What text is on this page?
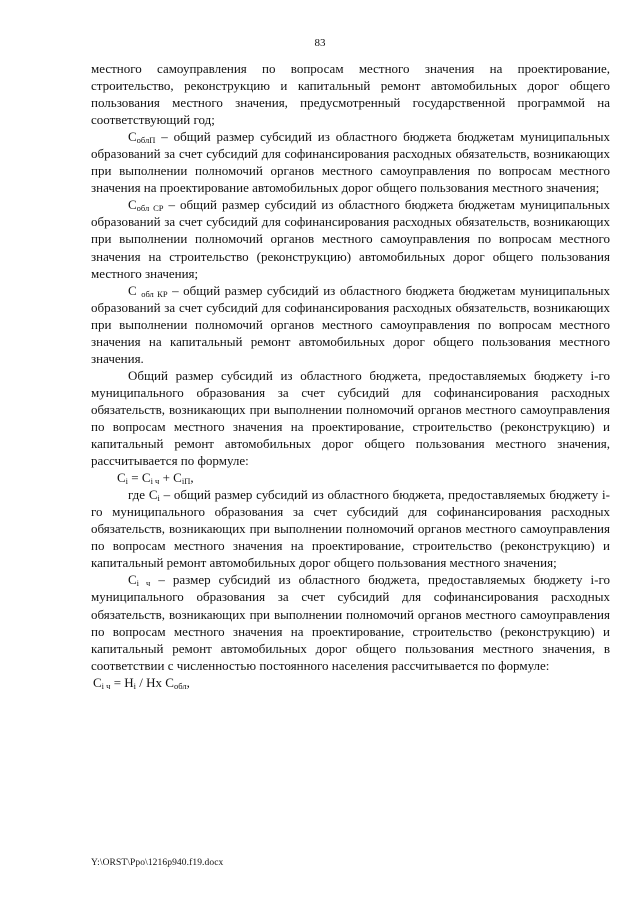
83

местного самоуправления по вопросам местного значения на проектирование, строительство, реконструкцию и капитальный ремонт автомобильных дорог общего пользования местного значения, предусмотренный государственной программой на соответствующий год;

$С_{облП}$ – общий размер субсидий из областного бюджета бюджетам муниципальных образований за счет субсидий для софинансирования расходных обязательств, возникающих при выполнении полномочий органов местного самоуправления по вопросам местного значения на проектирование автомобильных дорог общего пользования местного значения;

$С_{обл СР}$ – общий размер субсидий из областного бюджета бюджетам муниципальных образований за счет субсидий для софинансирования расходных обязательств, возникающих при выполнении полномочий органов местного самоуправления по вопросам местного значения на строительство (реконструкцию) автомобильных дорог общего пользования местного значения;

С $_{обл КР}$ – общий размер субсидий из областного бюджета бюджетам муниципальных образований за счет субсидий для софинансирования расходных обязательств, возникающих при выполнении полномочий органов местного самоуправления по вопросам местного значения на капитальный ремонт автомобильных дорог общего пользования местного значения.

Общий размер субсидий из областного бюджета, предоставляемых бюджету i-го муниципального образования за счет субсидий для софинансирования расходных обязательств, возникающих при выполнении полномочий органов местного самоуправления по вопросам местного значения на проектирование, строительство (реконструкцию) и капитальный ремонт автомобильных дорог общего пользования местного значения, рассчитывается по формуле:

$С_i = С_{i ч} + С_{iП}$,

где $С_i$ – общий размер субсидий из областного бюджета, предоставляемых бюджету i-го муниципального образования за счет субсидий для софинансирования расходных обязательств, возникающих при выполнении полномочий органов местного самоуправления по вопросам местного значения на проектирование, строительство (реконструкцию) и капитальный ремонт автомобильных дорог общего пользования местного значения;

$С_{i ч}$ – размер субсидий из областного бюджета, предоставляемых бюджету i-го муниципального образования за счет субсидий для софинансирования расходных обязательств, возникающих при выполнении полномочий органов местного самоуправления по вопросам местного значения на проектирование, строительство (реконструкцию) и капитальный ремонт автомобильных дорог общего пользования местного значения, в соответствии с численностью постоянного населения рассчитывается по формуле:

$С_{i ч} = Н_i$ / Нх $С_{обл}$,

Y:\ORST\Ppo\1216p940.f19.docx
